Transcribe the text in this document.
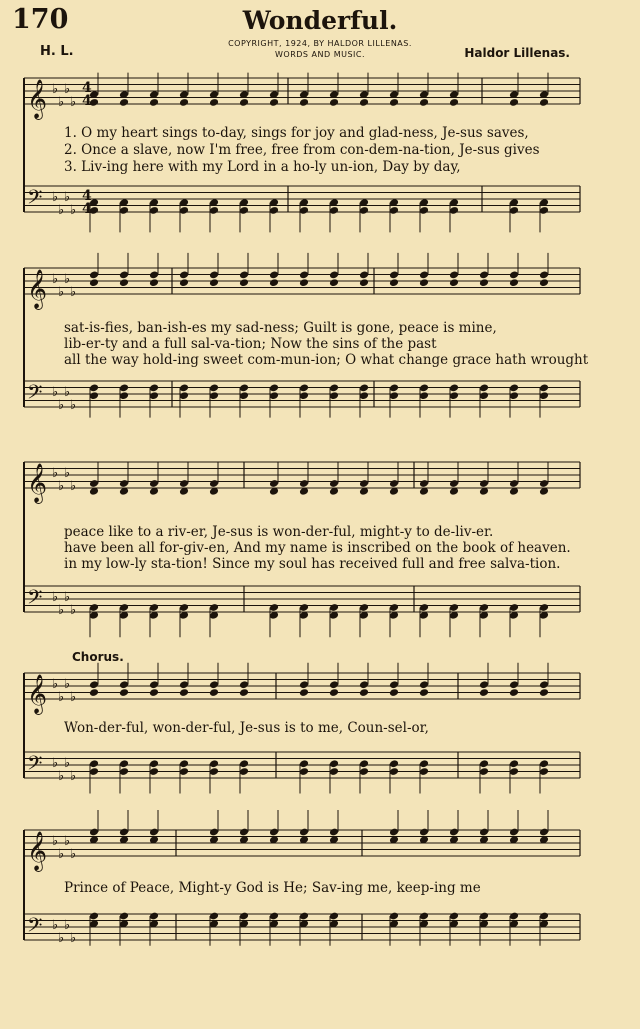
170	Wonderful.
COPYRIGHT, 1924, BY HALDOR LILLENAS.
WORDS AND MUSIC.
H. L.	Haldor Lillenas.
Chorus.
𝄞 ♭
♭
♭
♭
𝄢 ♭
♭
♭
♭
𝄞 ♭
♭
♭
♭
𝄢 ♭
♭
♭
♭
𝄞 ♭
♭
♭
♭
𝄢 ♭
♭
♭
♭
𝄞 ♭
♭
♭
♭
𝄢 ♭
♭
♭
♭
𝄞 ♭
♭
♭
♭
𝄢 ♭
♭
♭
♭
4
4
4
4
1. O my heart sings to-day, sings for joy and glad-ness, Je-sus saves,
2. Once a slave, now I'm free, free from con-dem-na-tion, Je-sus gives
3. Liv-ing here with my Lord in a ho-ly un-ion, Day by day,
sat-is-fies, ban-ish-es my sad-ness; Guilt is gone, peace is mine,
lib-er-ty and a full sal-va-tion; Now the sins of the past
all the way hold-ing sweet com-mun-ion; O what change grace hath wrought
peace like to a riv-er, Je-sus is won-der-ful, might-y to de-liv-er.
have been all for-giv-en, And my name is inscribed on the book of heaven.
in my low-ly sta-tion! Since my soul has received full and free salva-tion.
Won-der-ful, won-der-ful, Je-sus is to me, Coun-sel-or,
Prince of Peace, Might-y God is He; Sav-ing me, keep-ing me
